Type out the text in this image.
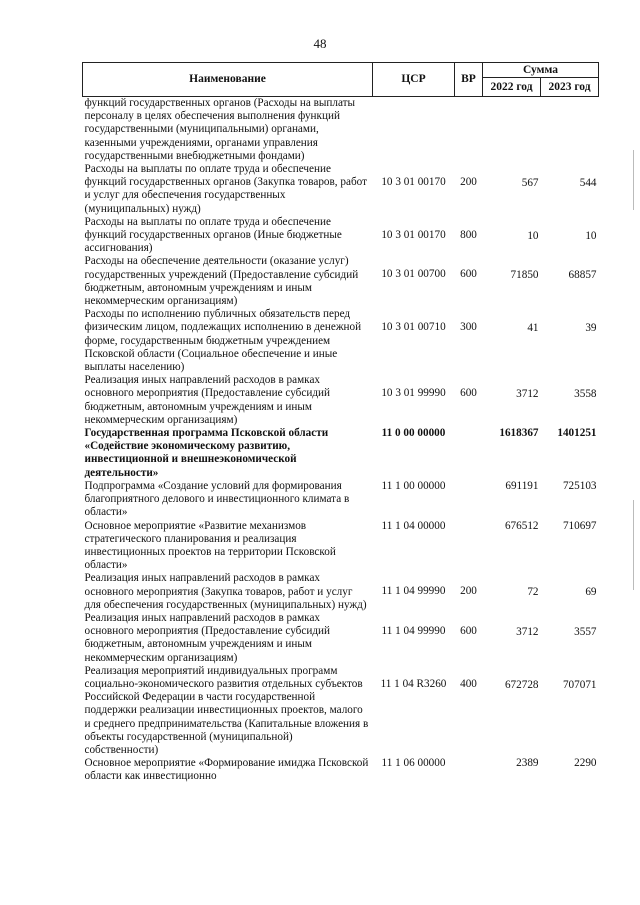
48
Наименование	ЦСР	ВР	Сумма	
			2022 год	2023 год
функций государственных органов (Расходы на выплаты персоналу в целях обеспечения выполнения функций государственными (муниципальными) органами, казенными учреждениями, органами управления государственными внебюджетными фондами)				
Расходы на выплаты по оплате труда и обеспечение функций государственных органов (Закупка товаров, работ и услуг для обеспечения государственных (муниципальных) нужд)	10 3 01 00170	200	567	544
Расходы на выплаты по оплате труда и обеспечение функций государственных органов (Иные бюджетные ассигнования)	10 3 01 00170	800	10	10
Расходы на обеспечение деятельности (оказание услуг) государственных учреждений (Предоставление субсидий бюджетным, автономным учреждениям и иным некоммерческим организациям)	10 3 01 00700	600	71850	68857
Расходы по исполнению публичных обязательств перед физическим лицом, подлежащих исполнению в денежной форме, государственным бюджетным учреждением Псковской области (Социальное обеспечение и иные выплаты населению)	10 3 01 00710	300	41	39
Реализация иных направлений расходов в рамках основного мероприятия (Предоставление субсидий бюджетным, автономным учреждениям и иным некоммерческим организациям)	10 3 01 99990	600	3712	3558
Государственная программа Псковской области «Содействие экономическому развитию, инвестиционной и внешнеэкономической деятельности»	11 0 00 00000		1618367	1401251
Подпрограмма «Создание условий для формирования благоприятного делового и инвестиционного климата в области»	11 1 00 00000		691191	725103
Основное мероприятие «Развитие механизмов стратегического планирования и реализация инвестиционных проектов на территории Псковской области»	11 1 04 00000		676512	710697
Реализация иных направлений расходов в рамках основного мероприятия (Закупка товаров, работ и услуг для обеспечения государственных (муниципальных) нужд)	11 1 04 99990	200	72	69
Реализация иных направлений расходов в рамках основного мероприятия (Предоставление субсидий бюджетным, автономным учреждениям и иным некоммерческим организациям)	11 1 04 99990	600	3712	3557
Реализация мероприятий индивидуальных программ социально-экономического развития отдельных субъектов Российской Федерации в части государственной поддержки реализации инвестиционных проектов, малого и среднего предпринимательства (Капитальные вложения в объекты государственной (муниципальной) собственности)	11 1 04 R3260	400	672728	707071
Основное мероприятие «Формирование имиджа Псковской области как инвестиционно	11 1 06 00000		2389	2290
